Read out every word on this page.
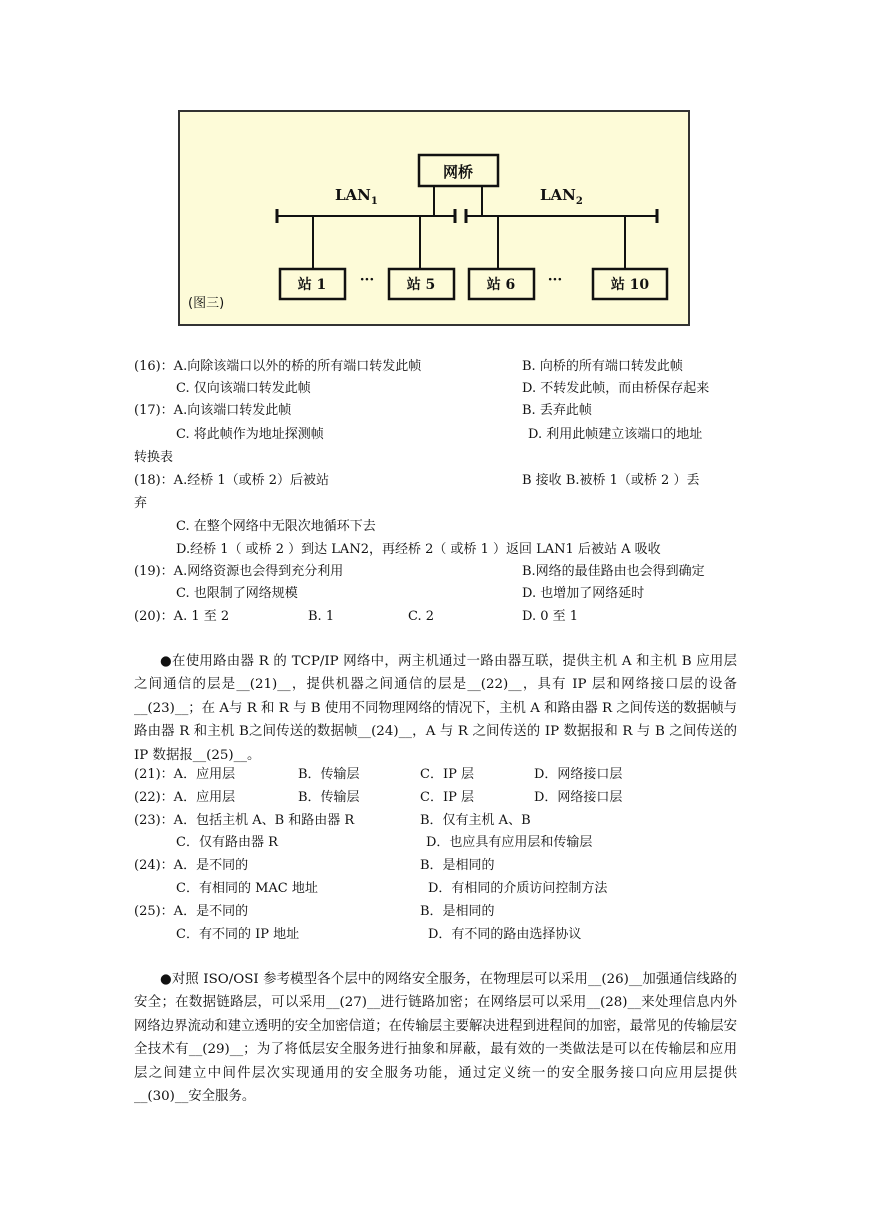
网桥
$LAN_1$	$LAN_2$
站 1 ··· 站 5	站 6 ···	站 10
(图三)
(16)：A.向除该端口以外的桥的所有端口转发此帧	B. 向桥的所有端口转发此帧
C. 仅向该端口转发此帧	D. 不转发此帧，而由桥保存起来
(17)：A.向该端口转发此帧	B. 丢弃此帧
C. 将此帧作为地址探测帧	D. 利用此帧建立该端口的地址
转换表
(18)：A.经桥 1（或桥 2）后被站	B 接收 B.被桥 1（或桥 2 ）丢
弃
C. 在整个网络中无限次地循环下去
D.经桥 1（ 或桥 2 ）到达 LAN2，再经桥 2（ 或桥 1 ）返回 LAN1 后被站 A 吸收
(19)：A.网络资源也会得到充分利用	B.网络的最佳路由也会得到确定
C. 也限制了网络规模	D. 也增加了网络延时
(20)：A. 1 至 2	B. 1	C. 2	D. 0 至 1
●在使用路由器 R 的 TCP/IP 网络中，两主机通过一路由器互联，提供主机 A 和主机 B 应用层之间通信的层是__(21)__，提供机器之间通信的层是__(22)__，具有 IP 层和网络接口层的设备__(23)__；在 A与 R 和 R 与 B 使用不同物理网络的情况下，主机 A 和路由器 R 之间传送的数据帧与路由器 R 和主机 B之间传送的数据帧__(24)__，A 与 R 之间传送的 IP 数据报和 R 与 B 之间传送的 IP 数据报__(25)__。
(21)：A．应用层	B．传输层	C．IP 层	D．网络接口层
(22)：A．应用层	B．传输层	C．IP 层	D．网络接口层
(23)：A．包括主机 A、B 和路由器 R	B．仅有主机 A、B
C．仅有路由器 R	D．也应具有应用层和传输层
(24)：A．是不同的	B．是相同的
C．有相同的 MAC 地址	D．有相同的介质访问控制方法
(25)：A．是不同的	B．是相同的
C．有不同的 IP 地址	D．有不同的路由选择协议
●对照 ISO/OSI 参考模型各个层中的网络安全服务，在物理层可以采用__(26)__加强通信线路的安全；在数据链路层，可以采用__(27)__进行链路加密；在网络层可以采用__(28)__来处理信息内外网络边界流动和建立透明的安全加密信道；在传输层主要解决进程到进程间的加密，最常见的传输层安全技术有__(29)__；为了将低层安全服务进行抽象和屏蔽，最有效的一类做法是可以在传输层和应用层之间建立中间件层次实现通用的安全服务功能，通过定义统一的安全服务接口向应用层提供__(30)__安全服务。
